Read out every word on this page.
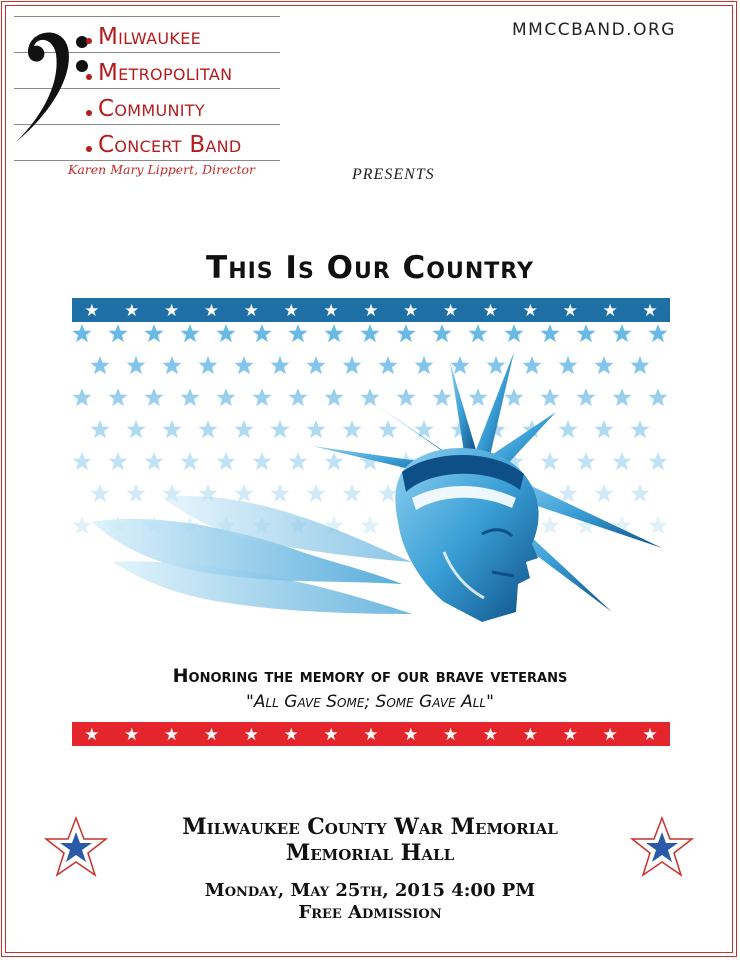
Milwaukee
Metropolitan
Community
Concert Band
Karen Mary Lippert, Director
MMCCBAND.ORG
PRESENTS
This Is Our Country
★ ★ ★ ★ ★ ★ ★ ★ ★ ★ ★ ★ ★ ★ ★
Honoring the memory of our brave veterans
"All Gave Some; Some Gave All"
★ ★ ★ ★ ★ ★ ★ ★ ★ ★ ★ ★ ★ ★ ★
Milwaukee County War Memorial
Memorial Hall
Monday, May 25th, 2015 4:00 PM
Free Admission
